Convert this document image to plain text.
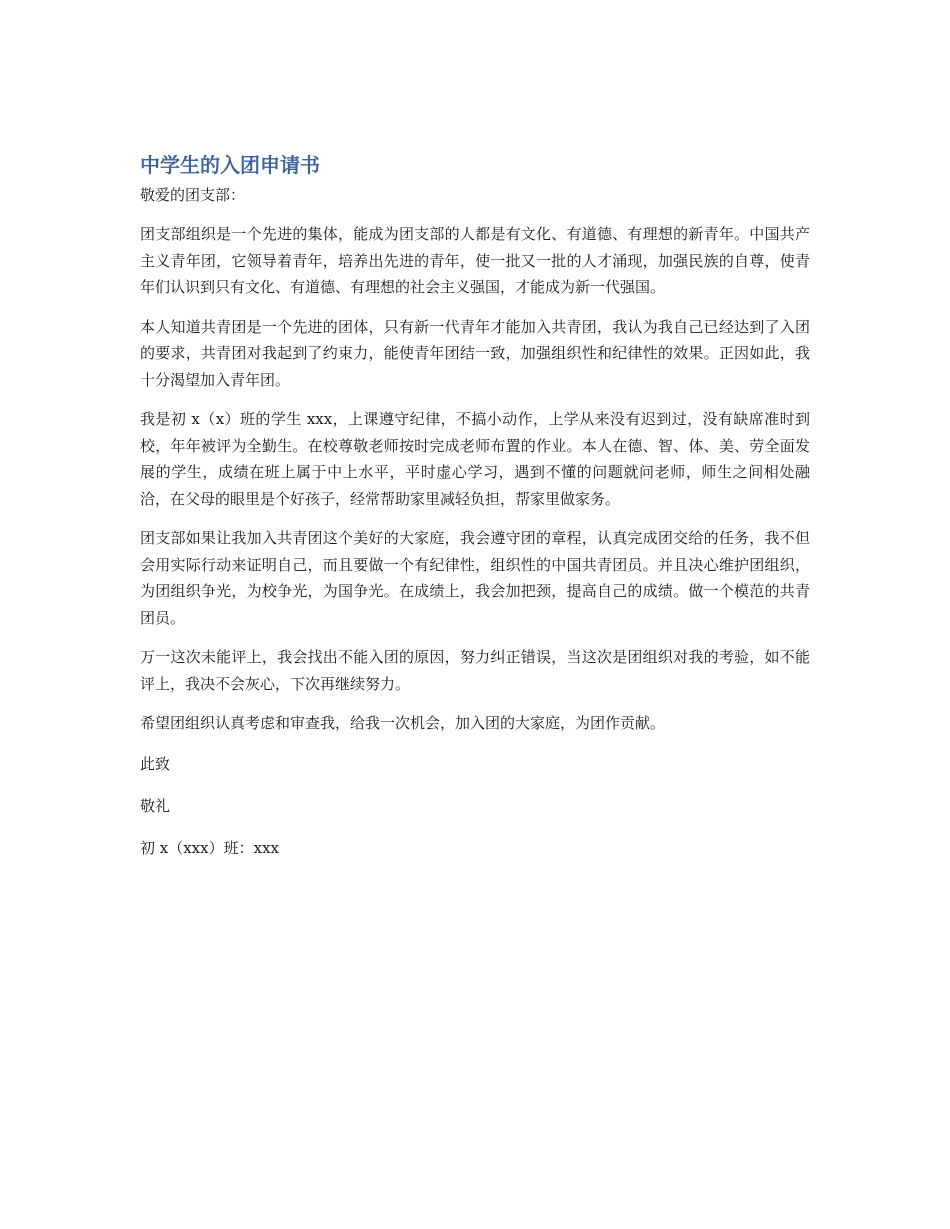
中学生的入团申请书

敬爱的团支部：

团支部组织是一个先进的集体，能成为团支部的人都是有文化、有道德、有理想的新青年。中国共产主义青年团，它领导着青年，培养出先进的青年，使一批又一批的人才涌现，加强民族的自尊，使青年们认识到只有文化、有道德、有理想的社会主义强国，才能成为新一代强国。

本人知道共青团是一个先进的团体，只有新一代青年才能加入共青团，我认为我自己已经达到了入团的要求，共青团对我起到了约束力，能使青年团结一致，加强组织性和纪律性的效果。正因如此，我十分渴望加入青年团。

我是初 x（x）班的学生 xxx，上课遵守纪律，不搞小动作，上学从来没有迟到过，没有缺席准时到校，年年被评为全勤生。在校尊敬老师按时完成老师布置的作业。本人在德、智、体、美、劳全面发展的学生，成绩在班上属于中上水平，平时虚心学习，遇到不懂的问题就问老师，师生之间相处融洽，在父母的眼里是个好孩子，经常帮助家里减轻负担，帮家里做家务。

团支部如果让我加入共青团这个美好的大家庭，我会遵守团的章程，认真完成团交给的任务，我不但会用实际行动来证明自己，而且要做一个有纪律性，组织性的中国共青团员。并且决心维护团组织，为团组织争光，为校争光，为国争光。在成绩上，我会加把颈，提高自己的成绩。做一个模范的共青团员。

万一这次未能评上，我会找出不能入团的原因，努力纠正错误，当这次是团组织对我的考验，如不能评上，我决不会灰心，下次再继续努力。

希望团组织认真考虑和审查我，给我一次机会，加入团的大家庭，为团作贡献。

此致

敬礼

初 x（xxx）班：xxx
